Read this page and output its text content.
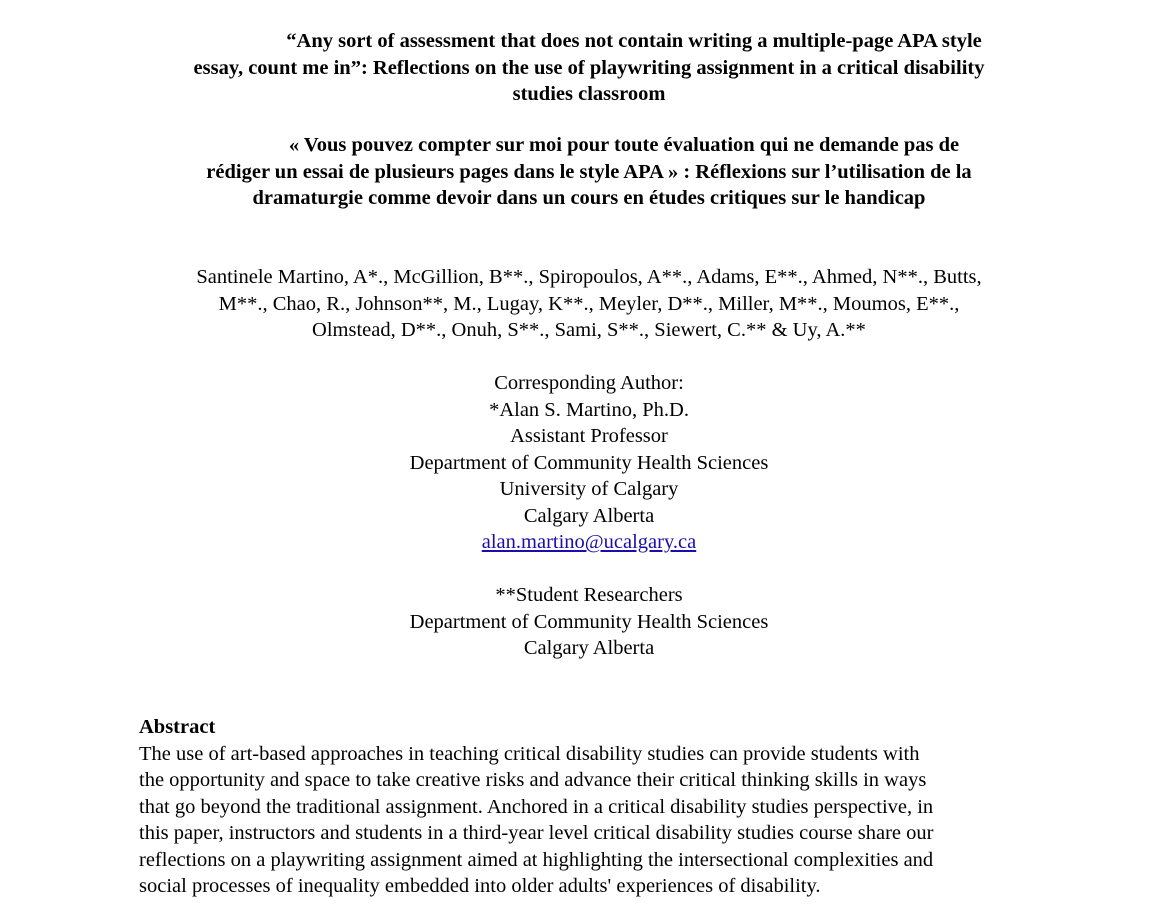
“Any sort of assessment that does not contain writing a multiple-page APA style
essay, count me in”: Reflections on the use of playwriting assignment in a critical disability
studies classroom
« Vous pouvez compter sur moi pour toute évaluation qui ne demande pas de
rédiger un essai de plusieurs pages dans le style APA » : Réflexions sur l’utilisation de la
dramaturgie comme devoir dans un cours en études critiques sur le handicap
Santinele Martino, A*., McGillion, B**., Spiropoulos, A**., Adams, E**., Ahmed, N**., Butts,
M**., Chao, R., Johnson**, M., Lugay, K**., Meyler, D**., Miller, M**., Moumos, E**.,
Olmstead, D**., Onuh, S**., Sami, S**., Siewert, C.** & Uy, A.**
Corresponding Author:
*Alan S. Martino, Ph.D.
Assistant Professor
Department of Community Health Sciences
University of Calgary
Calgary Alberta
alan.martino@ucalgary.ca
**Student Researchers
Department of Community Health Sciences
Calgary Alberta
Abstract
The use of art-based approaches in teaching critical disability studies can provide students with
the opportunity and space to take creative risks and advance their critical thinking skills in ways
that go beyond the traditional assignment. Anchored in a critical disability studies perspective, in
this paper, instructors and students in a third-year level critical disability studies course share our
reflections on a playwriting assignment aimed at highlighting the intersectional complexities and
social processes of inequality embedded into older adults' experiences of disability.
